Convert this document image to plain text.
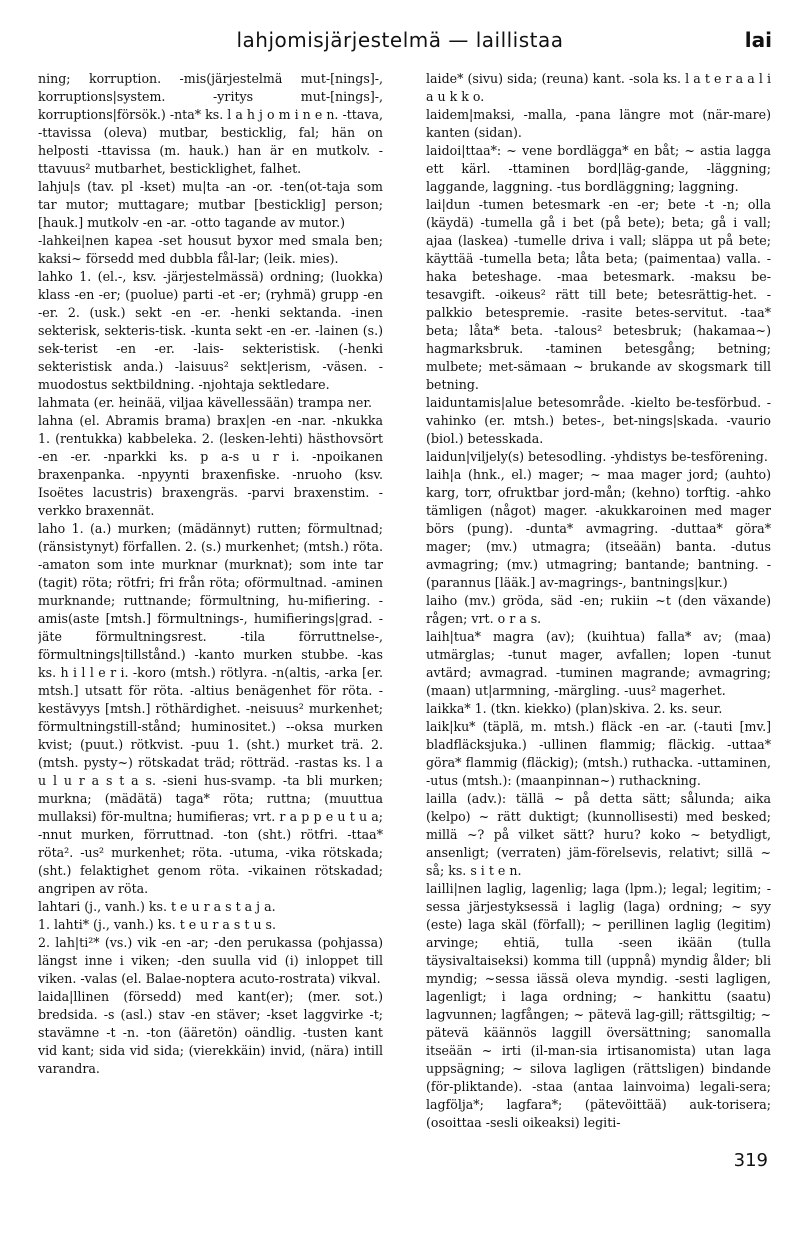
lahjomisjärjestelmä — laillistaa	lai

ning; korruption. -mis(järjestelmä mut-[nings]-, korruptions|system. -yritys mut-[nings]-, korruptions|försök.) -nta* ks. l a h j o m i n e n. -ttava, -ttavissa (oleva) mutbar, besticklig, fal; hän on helposti -ttavissa (m. hauk.) han är en mutkolv. -ttavuus² mutbarhet, besticklighet, falhet.

lahju|s (tav. pl -kset) mu|ta -an -or. -ten(ot-taja som tar mutor; muttagare; mutbar [besticklig] person; [hauk.] mutkolv -en -ar. -otto tagande av mutor.)

-lahkei|nen kapea -set housut byxor med smala ben; kaksi~ försedd med dubbla fål-lar; (leik. mies).

lahko 1. (el.-, ksv. -järjestelmässä) ordning; (luokka) klass -en -er; (puolue) parti -et -er; (ryhmä) grupp -en -er. 2. (usk.) sekt -en -er. -henki sektanda. -inen sekterisk, sekteris-tisk. -kunta sekt -en -er. -lainen (s.) sek-terist -en -er. -lais- sekteristisk. (-henki sekteristisk anda.) -laisuus² sekt|erism, -väsen. -muodostus sektbildning. -njohtaja sektledare.

lahmata (er. heinää, viljaa kävellessään) trampa ner.

lahna (el. Abramis brama) brax|en -en -nar. -nkukka 1. (rentukka) kabbeleka. 2. (lesken-lehti) hästhovsört -en -er. -nparkki ks. p a-s u r i. -npoikanen braxenpanka. -npyynti braxenfiske. -nruoho (ksv. Isoëtes lacustris) braxengräs. -parvi braxenstim. -verkko braxennät.

laho 1. (a.) murken; (mädännyt) rutten; förmultnad; (ränsistynyt) förfallen. 2. (s.) murkenhet; (mtsh.) röta. -amaton som inte murknar (murknat); som inte tar (tagit) röta; rötfri; fri från röta; oförmultnad. -aminen murknande; ruttnande; förmultning, hu-mifiering. -amis(aste [mtsh.] förmultnings-, humifierings|grad. -jäte förmultningsrest. -tila förruttnelse-, förmultnings|tillstånd.) -kanto murken stubbe. -kas ks. h i l l e r i. -koro (mtsh.) rötlyra. -n(altis, -arka [er. mtsh.] utsatt för röta. -altius benägenhet för röta. -kestävyys [mtsh.] röthärdighet. -neisuus² murkenhet; förmultningstill-stånd; huminositet.) --oksa murken kvist; (puut.) rötkvist. -puu 1. (sht.) murket trä. 2. (mtsh. pysty~) rötskadat träd; rötträd. -rastas ks. l a u l u r a s t a s. -sieni hus-svamp. -ta bli murken; murkna; (mädätä) taga* röta; ruttna; (muuttua mullaksi) för-multna; humifieras; vrt. r a p p e u t u a; -nnut murken, förruttnad. -ton (sht.) rötfri. -ttaa* röta². -us² murkenhet; röta. -utuma, -vika rötskada; (sht.) felaktighet genom röta. -vikainen rötskadad; angripen av röta.

lahtari (j., vanh.) ks. t e u r a s t a j a.

1. lahti* (j., vanh.) ks. t e u r a s t u s.

2. lah|ti²* (vs.) vik -en -ar; -den perukassa (pohjassa) längst inne i viken; -den suulla vid (i) inloppet till viken. -valas (el. Balae-noptera acuto-rostrata) vikval.

laida|llinen (försedd) med kant(er); (mer. sot.) bredsida. -s (asl.) stav -en stäver; -kset laggvirke -t; stavämne -t -n. -ton (ääretön) oändlig. -tusten kant vid kant; sida vid sida; (vierekkäin) invid, (nära) intill varandra.

laide* (sivu) sida; (reuna) kant. -sola ks. l a t e r a a l i a u k k o.

laidem|maksi, -malla, -pana längre mot (när-mare) kanten (sidan).

laidoi|ttaa*: ~ vene bordlägga* en båt; ~ astia lagga ett kärl. -ttaminen bord|läg-gande, -läggning; laggande, laggning. -tus bordläggning; laggning.

lai|dun -tumen betesmark -en -er; bete -t -n; olla (käydä) -tumella gå i bet (på bete); beta; gå i vall; ajaa (laskea) -tumelle driva i vall; släppa ut på bete; käyttää -tumella beta; låta beta; (paimentaa) valla. -haka beteshage. -maa betesmark. -maksu be-tesavgift. -oikeus² rätt till bete; betesrättig-het. -palkkio betespremie. -rasite betes-servitut. -taa* beta; låta* beta. -talous² betesbruk; (hakamaa~) hagmarksbruk. -taminen betesgång; betning; mulbete; met-sämaan ~ brukande av skogsmark till betning.

laiduntamis|alue betesområde. -kielto be-tesförbud. -vahinko (er. mtsh.) betes-, bet-nings|skada. -vaurio (biol.) betesskada.

laidun|viljely(s) betesodling. -yhdistys be-tesförening.

laih|a (hnk., el.) mager; ~ maa mager jord; (auhto) karg, torr, ofruktbar jord-mån; (kehno) torftig. -ahko tämligen (något) mager. -akukkaroinen med mager börs (pung). -dunta* avmagring. -duttaa* göra* mager; (mv.) utmagra; (itseään) banta. -dutus avmagring; (mv.) utmagring; bantande; bantning. -(parannus [lääk.] av-magrings-, bantnings|kur.)

laiho (mv.) gröda, säd -en; rukiin ~t (den växande) rågen; vrt. o r a s.

laih|tua* magra (av); (kuihtua) falla* av; (maa) utmärglas; -tunut mager, avfallen; lopen -tunut avtärd; avmagrad. -tuminen magrande; avmagring; (maan) ut|armning, -märgling. -uus² magerhet.

laikka* 1. (tkn. kiekko) (plan)skiva. 2. ks. seur.

laik|ku* (täplä, m. mtsh.) fläck -en -ar. (-tauti [mv.] bladfläcksjuka.) -ullinen flammig; fläckig. -uttaa* göra* flammig (fläckig); (mtsh.) ruthacka. -uttaminen, -utus (mtsh.): (maanpinnan~) ruthackning.

lailla (adv.): tällä ~ på detta sätt; sålunda; aika (kelpo) ~ rätt duktigt; (kunnollisesti) med besked; millä ~? på vilket sätt? huru? koko ~ betydligt, ansenligt; (verraten) jäm-förelsevis, relativt; sillä ~ så; ks. s i t e n.

lailli|nen laglig, lagenlig; laga (lpm.); legal; legitim; -sessa järjestyksessä i laglig (laga) ordning; ~ syy (este) laga skäl (förfall); ~ perillinen laglig (legitim) arvinge; ehtiä, tulla -seen ikään (tulla täysivaltaiseksi) komma till (uppnå) myndig ålder; bli myndig; ~sessa iässä oleva myndig. -sesti lagligen, lagenligt; i laga ordning; ~ hankittu (saatu) lagvunnen; lagfången; ~ pätevä lag-gill; rättsgiltig; ~ pätevä käännös laggill översättning; sanomalla itseään ~ irti (il-man-sia irtisanomista) utan laga uppsägning; ~ silova lagligen (rättsligen) bindande (för-pliktande). -staa (antaa lainvoima) legali-sera; lagfölja*; lagfara*; (pätevöittää) auk-torisera; (osoittaa -sesli oikeaksi) legiti-

319
